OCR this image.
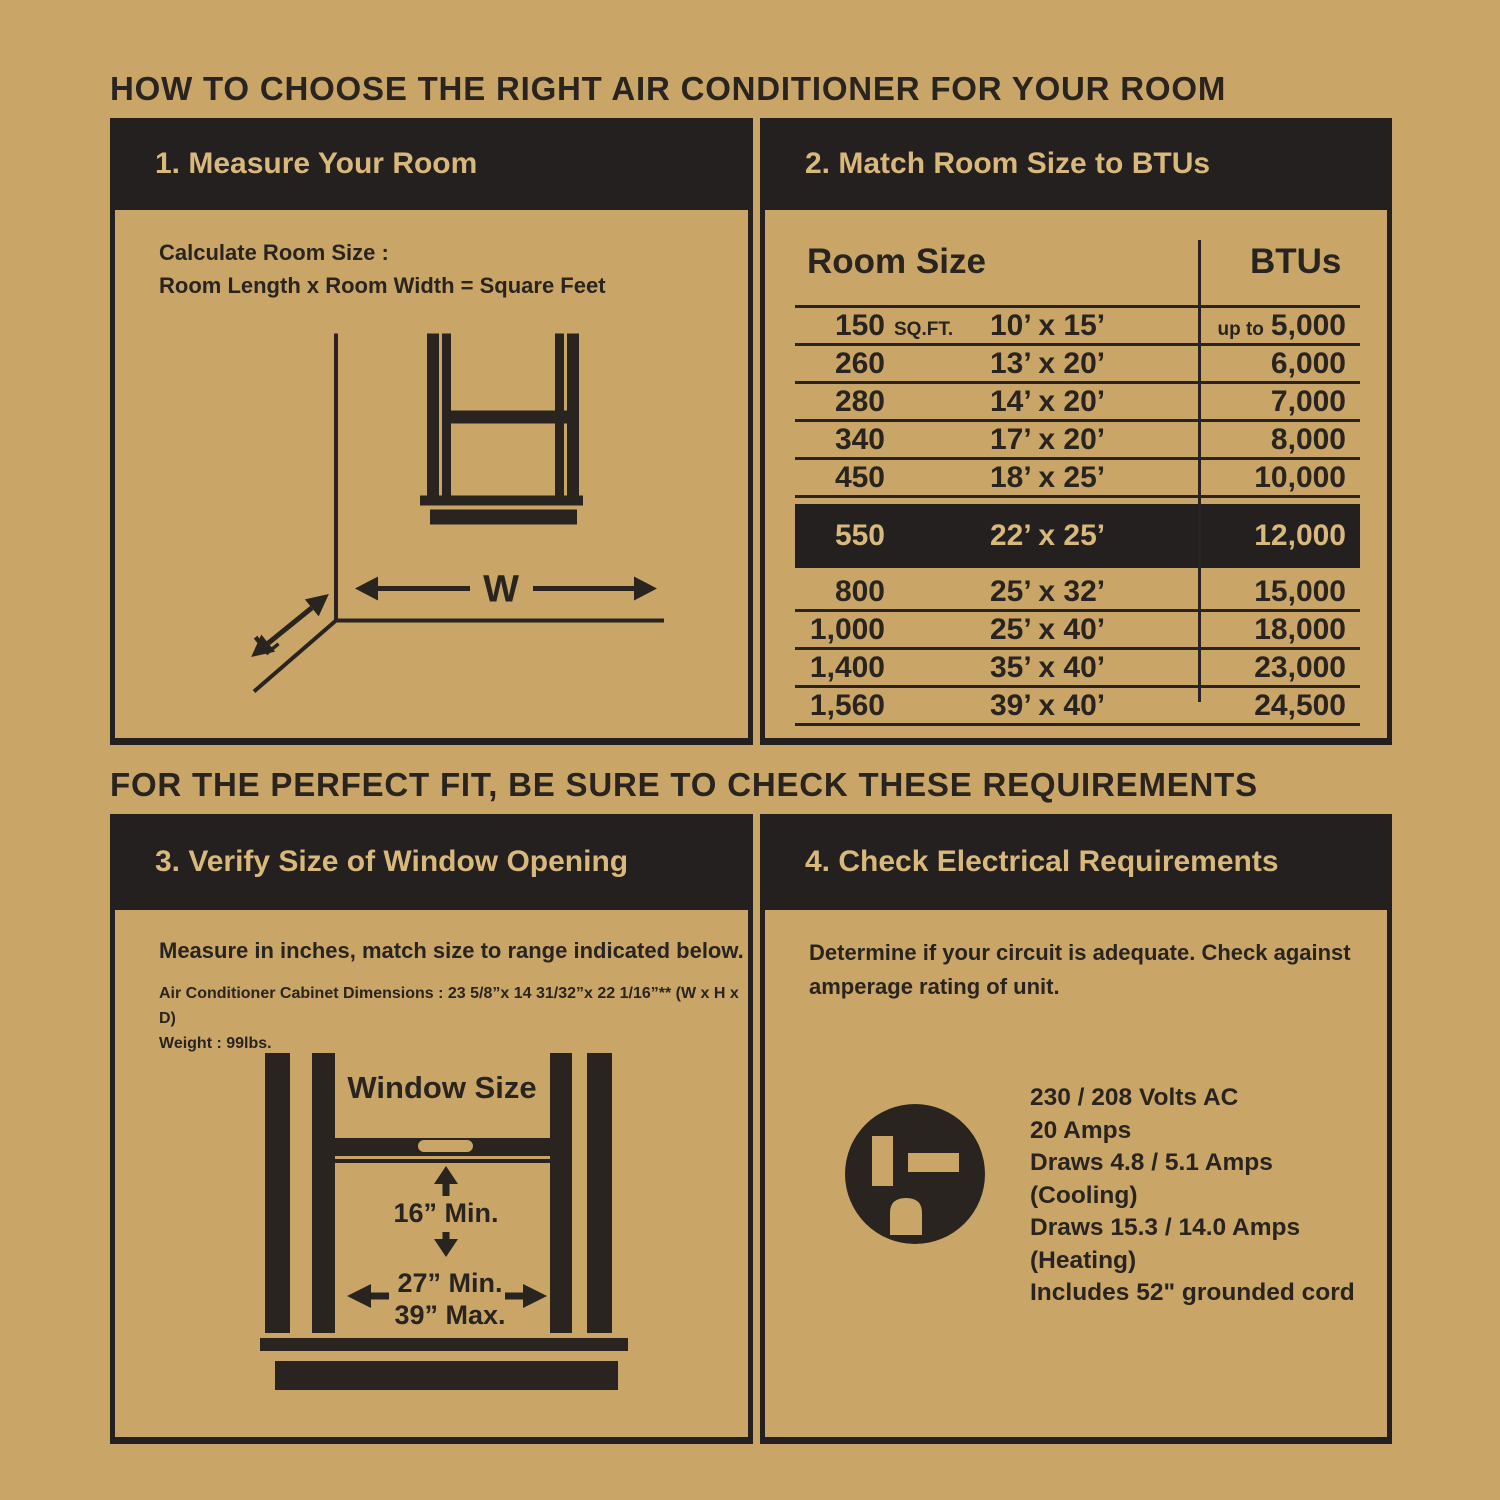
HOW TO CHOOSE THE RIGHT AIR CONDITIONER FOR YOUR ROOM
1. Measure Your Room

Calculate Room Size :
Room Length x Room Width = Square Feet

W
L
2. Match Room Size to BTUs
Room Size	BTUs
150 SQ.FT.	10’ x 15’	up to 5,000
260	13’ x 20’	6,000
280	14’ x 20’	7,000
340	17’ x 20’	8,000
450	18’ x 25’	10,000
550	22’ x 25’	12,000
800	25’ x 32’	15,000
1,000	25’ x 40’	18,000
1,400	35’ x 40’	23,000
1,560	39’ x 40’	24,500
FOR THE PERFECT FIT, BE SURE TO CHECK THESE REQUIREMENTS
3. Verify Size of Window Opening

Measure in inches, match size to range indicated below.

Air Conditioner Cabinet Dimensions : 23 5/8”x 14 31/32”x 22 1/16”** (W x H x D)
Weight : 99lbs.

Window Size
16” Min.
27” Min.
39” Max.
4. Check Electrical Requirements

Determine if your circuit is adequate. Check against amperage rating of unit.

230 / 208 Volts AC
20 Amps
Draws 4.8 / 5.1 Amps (Cooling)
Draws 15.3 / 14.0 Amps (Heating)
Includes 52" grounded cord
